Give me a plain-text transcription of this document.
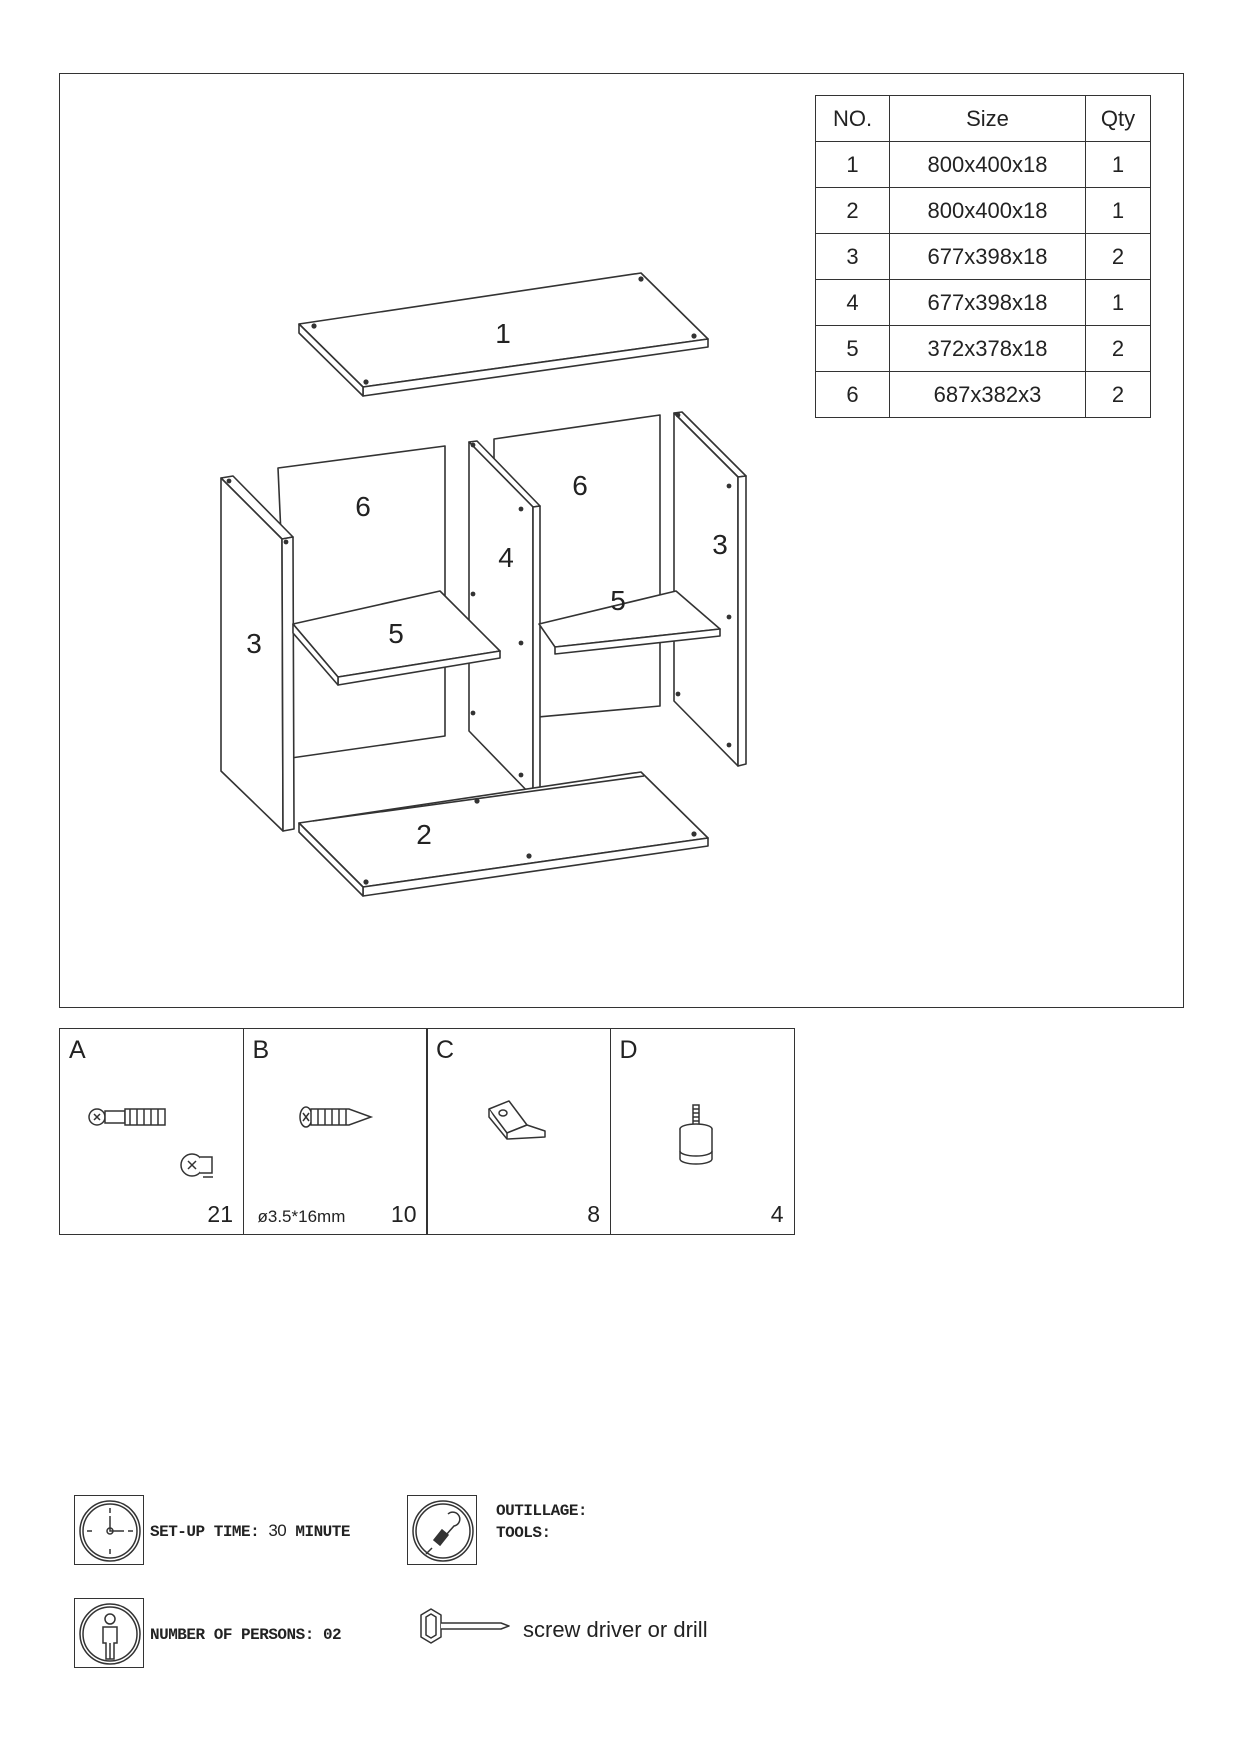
1
2
3
3
4
5
5
6
6
NO.	Size	Qty
1	800x400x18	1
2	800x400x18	1
3	677x398x18	2
4	677x398x18	1
5	372x378x18	2
6	687x382x3	2
A
21
B
ø3.5*16mm 10
C
8
D
4
SET-UP TIME: 30 MINUTE
NUMBER OF PERSONS: 02
OUTILLAGE:
TOOLS:
screw driver or drill
